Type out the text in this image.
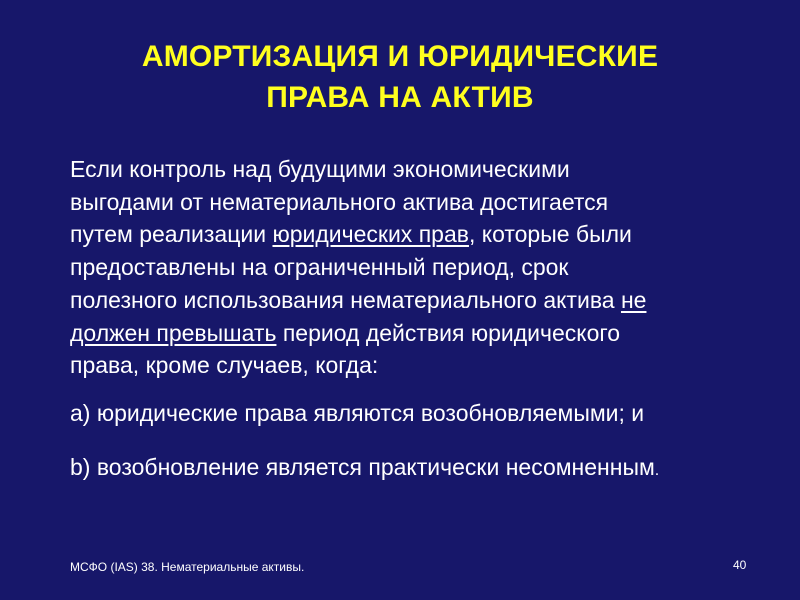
АМОРТИЗАЦИЯ И ЮРИДИЧЕСКИЕ
ПРАВА НА АКТИВ

Если контроль над будущими экономическими
выгодами от нематериального актива достигается
путем реализации юридических прав, которые были
предоставлены на ограниченный период, срок
полезного использования нематериального актива не
должен превышать период действия юридического
права, кроме случаев, когда:

a) юридические права являются возобновляемыми; и

b) возобновление является практически несомненным.

МСФО (IAS) 38. Нематериальные активы.	40
